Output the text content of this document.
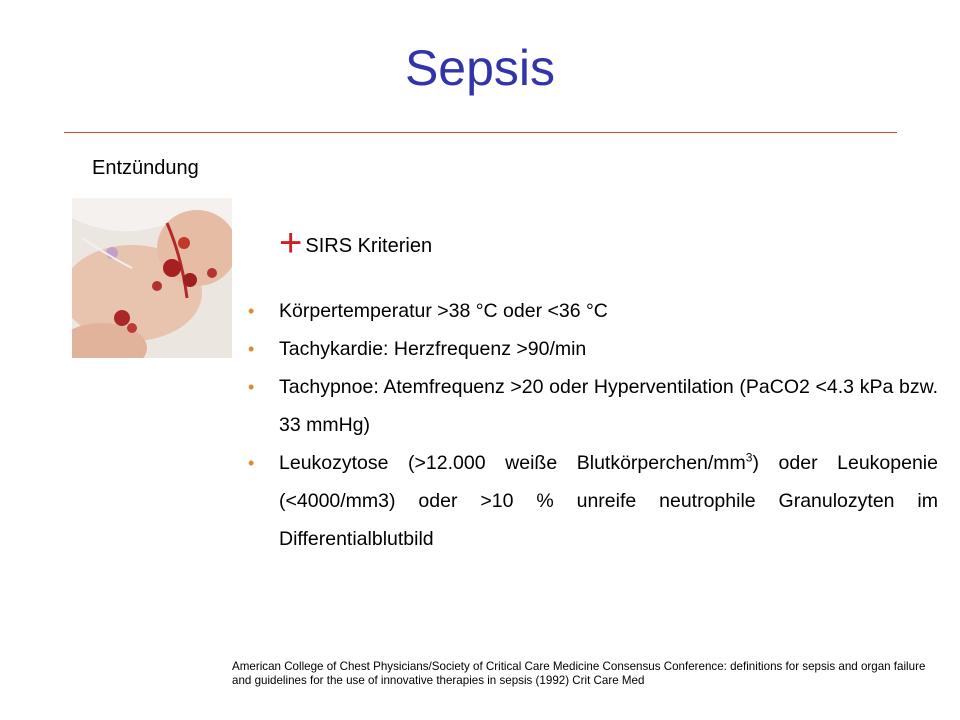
Sepsis
Entzündung
+ SIRS Kriterien
• Körpertemperatur >38 °C oder <36 °C
• Tachykardie: Herzfrequenz >90/min
• Tachypnoe: Atemfrequenz >20 oder Hyperventilation (PaCO2 <4.3 kPa bzw. 33 mmHg)
• Leukozytose (>12.000 weiße Blutkörperchen/$mm^3$) oder Leukopenie (<4000/mm3) oder >10 % unreife neutrophile Granulozyten im Differentialblutbild
American College of Chest Physicians/Society of Critical Care Medicine Consensus Conference: definitions for sepsis and organ failure and guidelines for the use of innovative therapies in sepsis (1992) Crit Care Med
